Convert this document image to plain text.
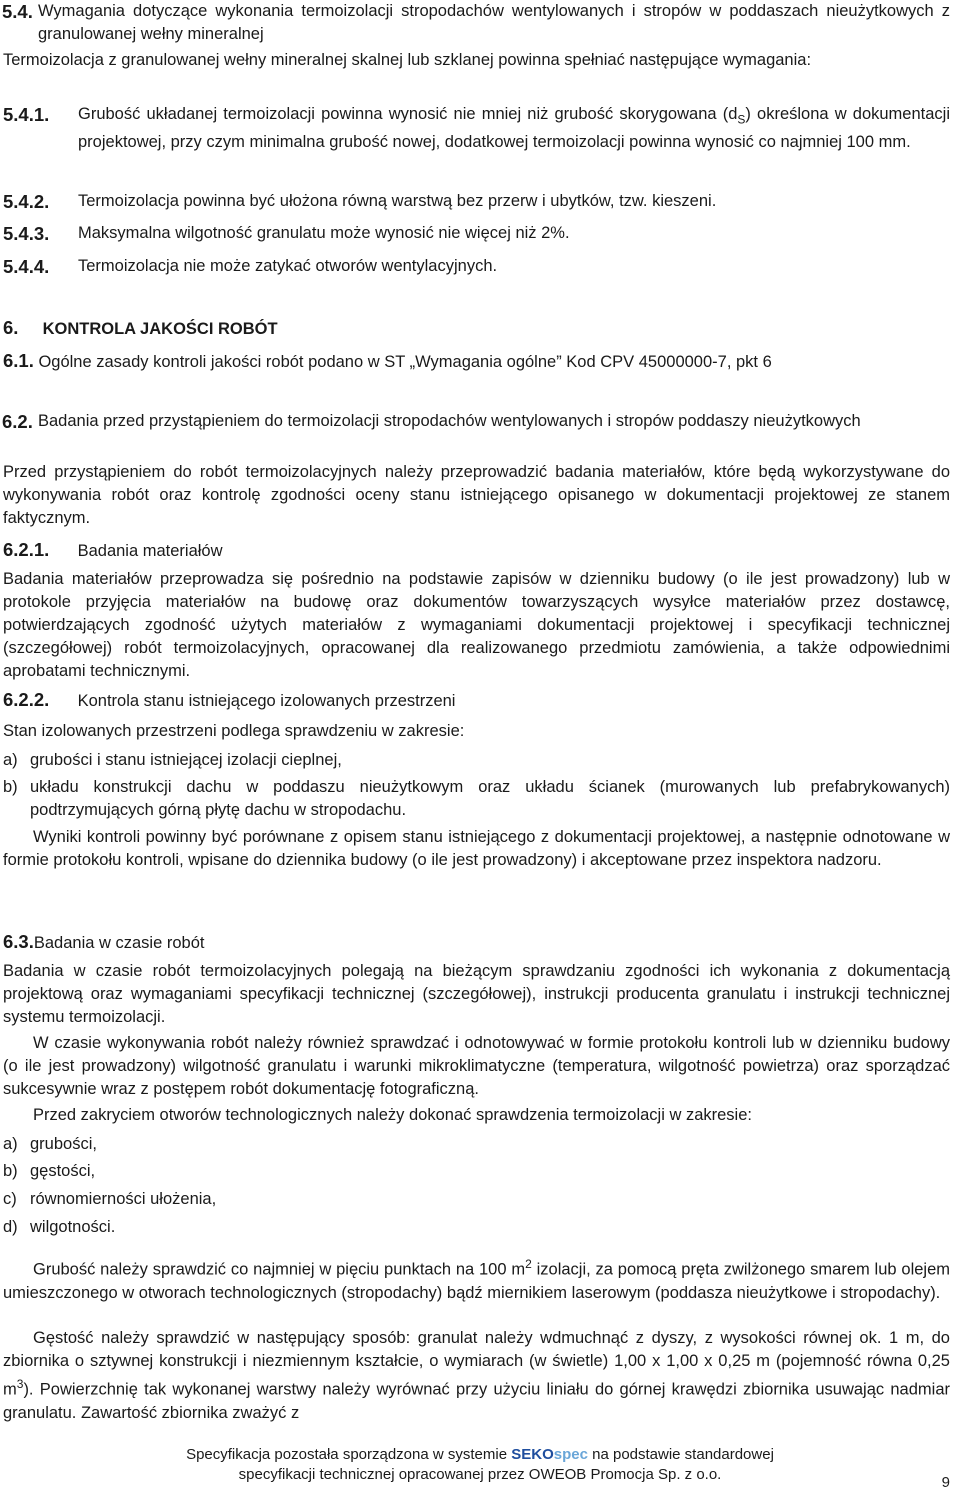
5.4. Wymagania dotyczące wykonania termoizolacji stropodachów wentylowanych i stropów w poddaszach nieużytkowych z granulowanej wełny mineralnej

Termoizolacja z granulowanej wełny mineralnej skalnej lub szklanej powinna spełniać następujące wymagania:

5.4.1. Grubość układanej termoizolacji powinna wynosić nie mniej niż grubość skorygowana $(d_S)$ określona w dokumentacji projektowej, przy czym minimalna grubość nowej, dodatkowej termoizolacji powinna wynosić co najmniej 100 mm.

5.4.2. Termoizolacja powinna być ułożona równą warstwą bez przerw i ubytków, tzw. kieszeni.

5.4.3. Maksymalna wilgotność granulatu może wynosić nie więcej niż 2%.

5.4.4. Termoizolacja nie może zatykać otworów wentylacyjnych.

6. KONTROLA JAKOŚCI ROBÓT

6.1. Ogólne zasady kontroli jakości robót podano w ST „Wymagania ogólne” Kod CPV 45000000-7, pkt 6

6.2. Badania przed przystąpieniem do termoizolacji stropodachów wentylowanych i stropów poddaszy nieużytkowych

Przed przystąpieniem do robót termoizolacyjnych należy przeprowadzić badania materiałów, które będą wykorzystywane do wykonywania robót oraz kontrolę zgodności oceny stanu istniejącego opisanego w dokumentacji projektowej ze stanem faktycznym.

6.2.1. Badania materiałów

Badania materiałów przeprowadza się pośrednio na podstawie zapisów w dzienniku budowy (o ile jest prowadzony) lub w protokole przyjęcia materiałów na budowę oraz dokumentów towarzyszących wysyłce materiałów przez dostawcę, potwierdzających zgodność użytych materiałów z wymaganiami dokumentacji projektowej i specyfikacji technicznej (szczegółowej) robót termoizolacyjnych, opracowanej dla realizowanego przedmiotu zamówienia, a także odpowiednimi aprobatami technicznymi.

6.2.2. Kontrola stanu istniejącego izolowanych przestrzeni

Stan izolowanych przestrzeni podlega sprawdzeniu w zakresie:

a) grubości i stanu istniejącej izolacji cieplnej,

b) układu konstrukcji dachu w poddaszu nieużytkowym oraz układu ścianek (murowanych lub prefabrykowanych) podtrzymujących górną płytę dachu w stropodachu.

Wyniki kontroli powinny być porównane z opisem stanu istniejącego z dokumentacji projektowej, a następnie odnotowane w formie protokołu kontroli, wpisane do dziennika budowy (o ile jest prowadzony) i akceptowane przez inspektora nadzoru.

6.3.Badania w czasie robót

Badania w czasie robót termoizolacyjnych polegają na bieżącym sprawdzaniu zgodności ich wykonania z dokumentacją projektową oraz wymaganiami specyfikacji technicznej (szczegółowej), instrukcji producenta granulatu i instrukcji technicznej systemu termoizolacji.

W czasie wykonywania robót należy również sprawdzać i odnotowywać w formie protokołu kontroli lub w dzienniku budowy (o ile jest prowadzony) wilgotność granulatu i warunki mikroklimatyczne (temperatura, wilgotność powietrza) oraz sporządzać sukcesywnie wraz z postępem robót dokumentację fotograficzną.

Przed zakryciem otworów technologicznych należy dokonać sprawdzenia termoizolacji w zakresie:

a) grubości,

b) gęstości,

c) równomierności ułożenia,

d) wilgotności.

Grubość należy sprawdzić co najmniej w pięciu punktach na 100 $m^2$ izolacji, za pomocą pręta zwilżonego smarem lub olejem umieszczonego w otworach technologicznych (stropodachy) bądź miernikiem laserowym (poddasza nieużytkowe i stropodachy).

Gęstość należy sprawdzić w następujący sposób: granulat należy wdmuchnąć z dyszy, z wysokości równej ok. 1 m, do zbiornika o sztywnej konstrukcji i niezmiennym kształcie, o wymiarach (w świetle) 1,00 x 1,00 x 0,25 m (pojemność równa 0,25 $m^3$). Powierzchnię tak wykonanej warstwy należy wyrównać przy użyciu liniału do górnej krawędzi zbiornika usuwając nadmiar granulatu. Zawartość zbiornika zważyć z

Specyfikacja pozostała sporządzona w systemie SEKOspec na podstawie standardowej
specyfikacji technicznej opracowanej przez OWEOB Promocja Sp. z o.o.	9
